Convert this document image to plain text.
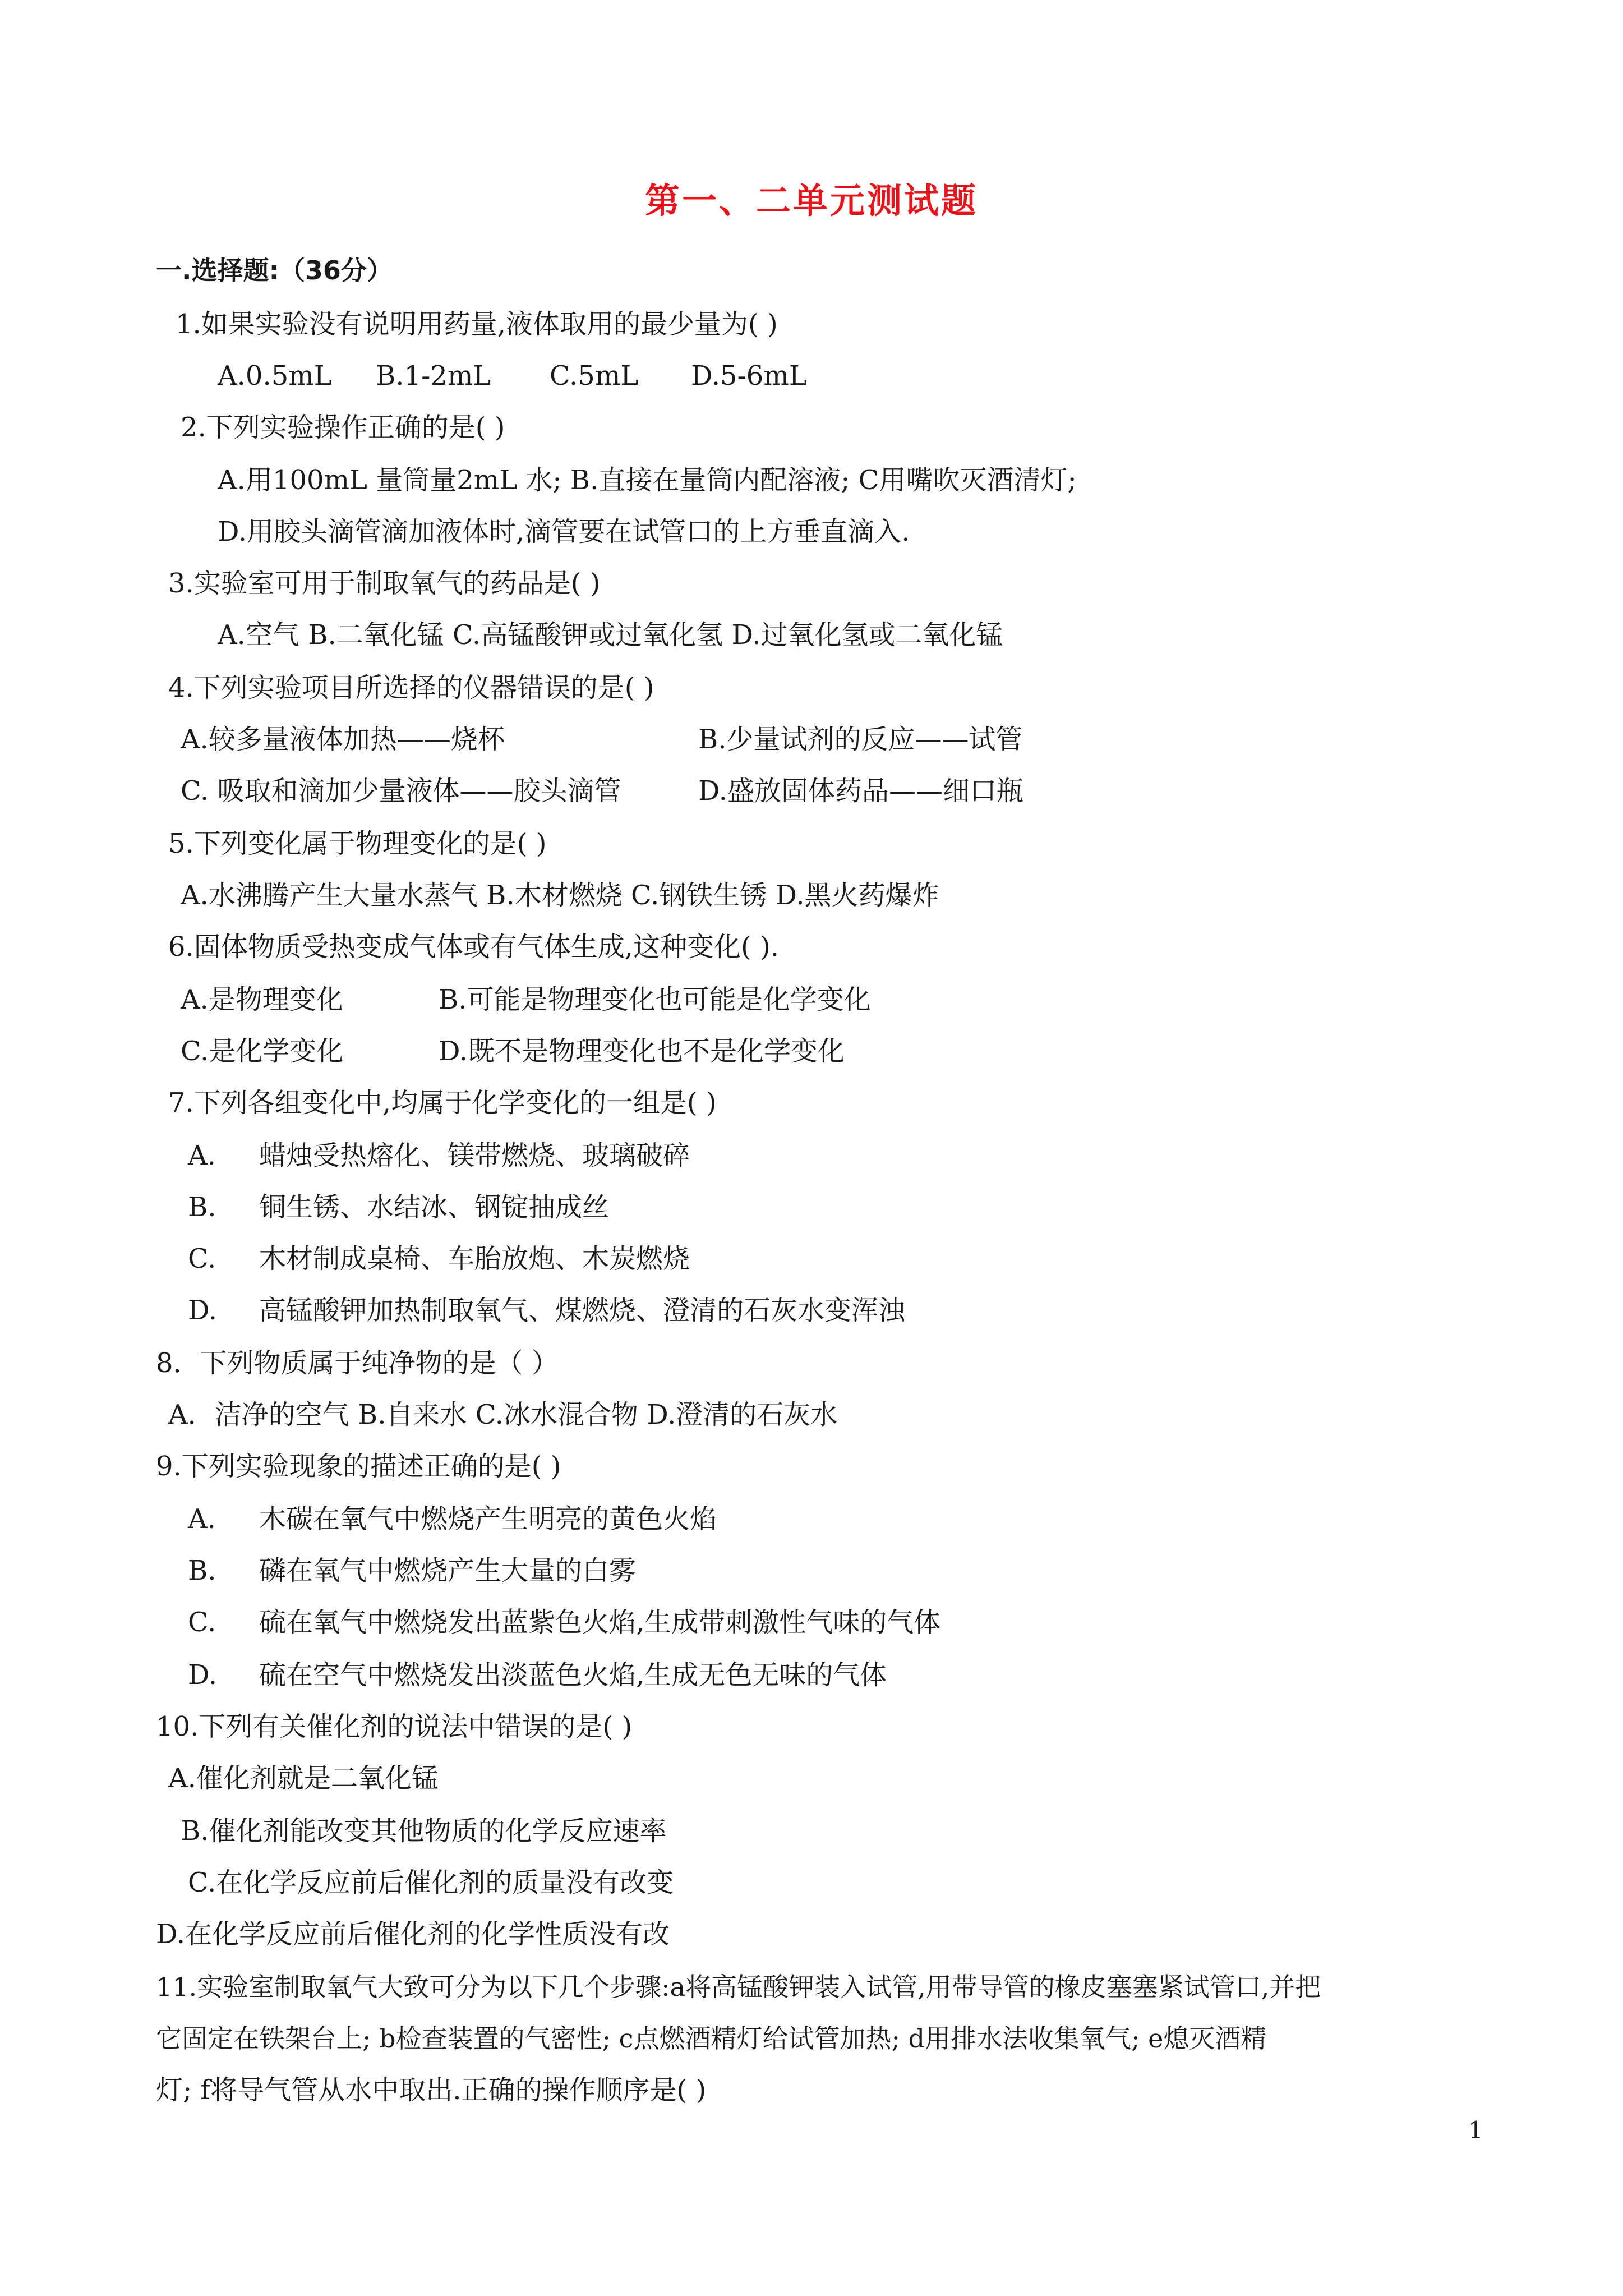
第一、二单元测试题
一.选择题:（36分）
1.如果实验没有说明用药量,液体取用的最少量为( )
A.0.5mL B.1-2mL C.5mL D.5-6mL
2.下列实验操作正确的是( )
A.用100mL 量筒量2mL 水; B.直接在量筒内配溶液; C用嘴吹灭酒清灯;
D.用胶头滴管滴加液体时,滴管要在试管口的上方垂直滴入.
3.实验室可用于制取氧气的药品是( )
A.空气 B.二氧化锰 C.高锰酸钾或过氧化氢 D.过氧化氢或二氧化锰
4.下列实验项目所选择的仪器错误的是( )
A.较多量液体加热——烧杯	B.少量试剂的反应——试管
C. 吸取和滴加少量液体——胶头滴管	D.盛放固体药品——细口瓶
5.下列变化属于物理变化的是( )
A.水沸腾产生大量水蒸气 B.木材燃烧 C.钢铁生锈 D.黑火药爆炸
6.固体物质受热变成气体或有气体生成,这种变化( ).
A.是物理变化	B.可能是物理变化也可能是化学变化
C.是化学变化	D.既不是物理变化也不是化学变化
7.下列各组变化中,均属于化学变化的一组是( )
A. 蜡烛受热熔化、镁带燃烧、玻璃破碎
B. 铜生锈、水结冰、钢锭抽成丝
C. 木材制成桌椅、车胎放炮、木炭燃烧
D. 高锰酸钾加热制取氧气、煤燃烧、澄清的石灰水变浑浊
8．下列物质属于纯净物的是（ ）
A．洁净的空气 B.自来水 C.冰水混合物 D.澄清的石灰水
9.下列实验现象的描述正确的是( )
A. 木碳在氧气中燃烧产生明亮的黄色火焰
B. 磷在氧气中燃烧产生大量的白雾
C. 硫在氧气中燃烧发出蓝紫色火焰,生成带刺激性气味的气体
D. 硫在空气中燃烧发出淡蓝色火焰,生成无色无味的气体
10.下列有关催化剂的说法中错误的是( )
A.催化剂就是二氧化锰
B.催化剂能改变其他物质的化学反应速率
C.在化学反应前后催化剂的质量没有改变
D.在化学反应前后催化剂的化学性质没有改
11.实验室制取氧气大致可分为以下几个步骤:a将高锰酸钾装入试管,用带导管的橡皮塞塞紧试管口,并把
它固定在铁架台上; b检查装置的气密性; c点燃酒精灯给试管加热; d用排水法收集氧气; e熄灭酒精
灯; f将导气管从水中取出.正确的操作顺序是( )
1
